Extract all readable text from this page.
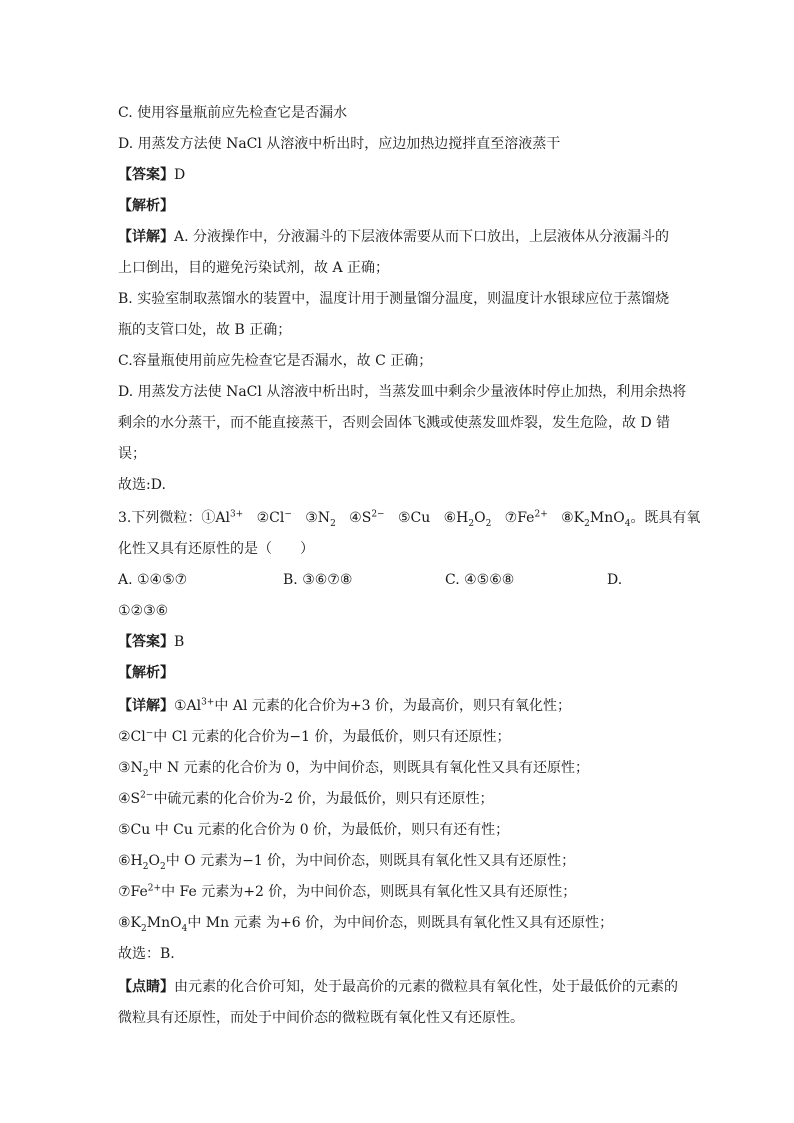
C. 使用容量瓶前应先检查它是否漏水
D. 用蒸发方法使 NaCl 从溶液中析出时，应边加热边搅拌直至溶液蒸干
【答案】D
【解析】
【详解】A. 分液操作中，分液漏斗的下层液体需要从而下口放出，上层液体从分液漏斗的
上口倒出，目的避免污染试剂，故 A 正确；
B. 实验室制取蒸馏水的装置中，温度计用于测量馏分温度，则温度计水银球应位于蒸馏烧
瓶的支管口处，故 B 正确；
C.容量瓶使用前应先检查它是否漏水，故 C 正确；
D. 用蒸发方法使 NaCl 从溶液中析出时，当蒸发皿中剩余少量液体时停止加热，利用余热将
剩余的水分蒸干，而不能直接蒸干，否则会固体飞溅或使蒸发皿炸裂，发生危险，故 D 错
误；
故选:D.
3.下列微粒：$①Al^{3+}$ ②Cl− $③N_2$ $④S^{2-}$ ⑤Cu $⑥H_2O_2$ $⑦Fe^{2+}$ $⑧K_2MnO_4$。既具有氧
化性又具有还原性的是（　　）
A. ①④⑤⑦	B. ③⑥⑦⑧	C. ④⑤⑥⑧	D.
①②③⑥
【答案】B
【解析】
【详解】$①Al^{3+}$中 Al 元素的化合价为+3 价，为最高价，则只有氧化性；
②Cl−中 Cl 元素的化合价为−1 价，为最低价，则只有还原性；
$③N_2$中 N 元素的化合价为 0，为中间价态，则既具有氧化性又具有还原性；
$④S^{2-}$中硫元素的化合价为-2 价，为最低价，则只有还原性；
⑤Cu 中 Cu 元素的化合价为 0 价，为最低价，则只有还有性；
$⑥H_2O_2$中 O 元素为−1 价，为中间价态，则既具有氧化性又具有还原性；
$⑦Fe^{2+}$中 Fe 元素为+2 价，为中间价态，则既具有氧化性又具有还原性；
$⑧K_2MnO_4$中 Mn 元素 为+6 价，为中间价态，则既具有氧化性又具有还原性；
故选：B.
【点睛】由元素的化合价可知，处于最高价的元素的微粒具有氧化性，处于最低价的元素的
微粒具有还原性，而处于中间价态的微粒既有氧化性又有还原性。
